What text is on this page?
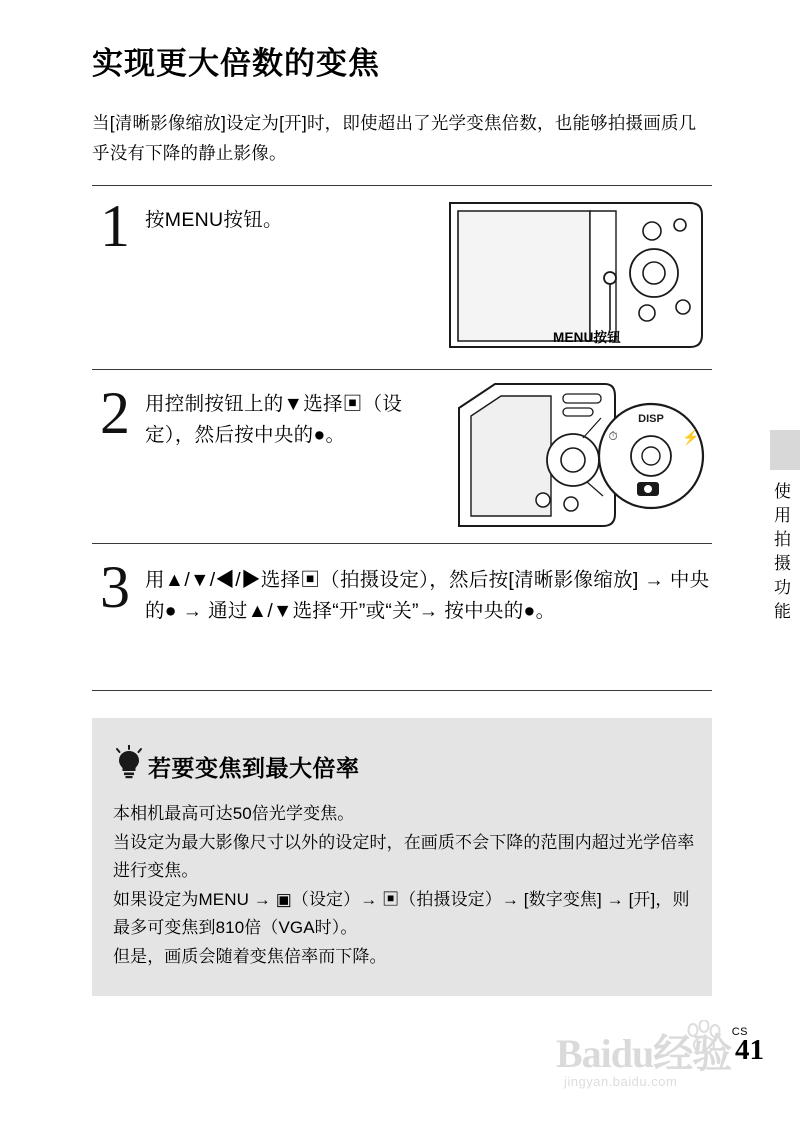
实现更大倍数的变焦
当[清晰影像缩放]设定为[开]时，即使超出了光学变焦倍数，也能够拍摄画质几乎没有下降的静止影像。
1 按MENU按钮。
MENU按钮
2 用控制按钮上的▼选择▣（设定），然后按中央的●。
DISP
⏱	⚡
3 用▲/▼/◀/▶选择▣（拍摄设定），然后按[清晰影像缩放] → 中央的● → 通过▲/▼选择“开”或“关”→ 按中央的●。
若要变焦到最大倍率
本相机最高可达50倍光学变焦。
当设定为最大影像尺寸以外的设定时，在画质不会下降的范围内超过光学倍率进行变焦。
如果设定为MENU → ▣（设定）→ ▣（拍摄设定）→ [数字变焦] → [开]，则最多可变焦到810倍（VGA时）。
但是，画质会随着变焦倍率而下降。
使用拍摄功能
CS
41
Baidu经验
jingyan.baidu.com
